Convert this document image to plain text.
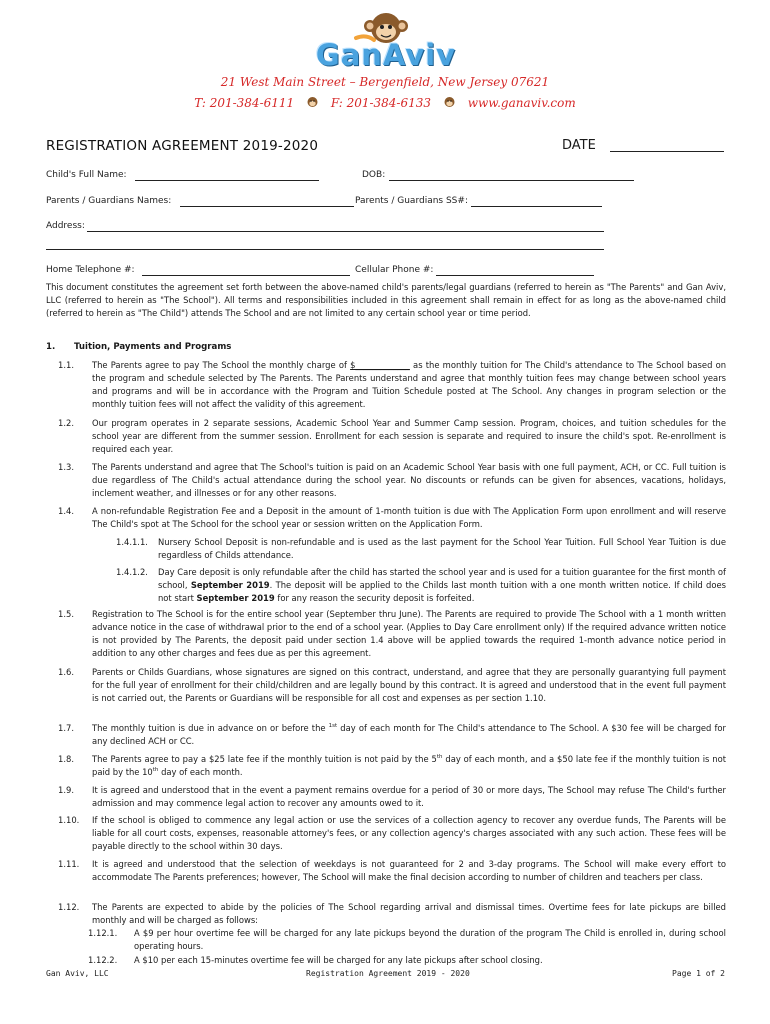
GanAviv
21 West Main Street – Bergenfield, New Jersey 07621
T: 201-384-6111	F: 201-384-6133	www.ganaviv.com
REGISTRATION AGREEMENT 2019-2020	DATE
Child's Full Name:	DOB:
Parents / Guardians Names:	Parents / Guardians SS#:
Address:
Home Telephone #:	Cellular Phone #:
This document constitutes the agreement set forth between the above-named child's parents/legal guardians (referred to herein as "The Parents" and Gan Aviv, LLC (referred to herein as "The School"). All terms and responsibilities included in this agreement shall remain in effect for as long as the above-named child (referred to herein as "The Child") attends The School and are not limited to any certain school year or time period.
1. Tuition, Payments and Programs
1.1. The Parents agree to pay The School the monthly charge of $_____________ as the monthly tuition for The Child's attendance to The School based on the program and schedule selected by The Parents. The Parents understand and agree that monthly tuition fees may change between school years and programs and will be in accordance with the Program and Tuition Schedule posted at The School. Any changes in program selection or the monthly tuition fees will not affect the validity of this agreement.
1.2. Our program operates in 2 separate sessions, Academic School Year and Summer Camp session. Program, choices, and tuition schedules for the school year are different from the summer session. Enrollment for each session is separate and required to insure the child's spot. Re-enrollment is required each year.
1.3. The Parents understand and agree that The School's tuition is paid on an Academic School Year basis with one full payment, ACH, or CC. Full tuition is due regardless of The Child's actual attendance during the school year. No discounts or refunds can be given for absences, vacations, holidays, inclement weather, and illnesses or for any other reasons.
1.4. A non-refundable Registration Fee and a Deposit in the amount of 1-month tuition is due with The Application Form upon enrollment and will reserve The Child's spot at The School for the school year or session written on the Application Form.
1.4.1.1. Nursery School Deposit is non-refundable and is used as the last payment for the School Year Tuition. Full School Year Tuition is due regardless of Childs attendance.
1.4.1.2. Day Care deposit is only refundable after the child has started the school year and is used for a tuition guarantee for the first month of school, September 2019. The deposit will be applied to the Childs last month tuition with a one month written notice. If child does not start September 2019 for any reason the security deposit is forfeited.
1.5. Registration to The School is for the entire school year (September thru June). The Parents are required to provide The School with a 1 month written advance notice in the case of withdrawal prior to the end of a school year. (Applies to Day Care enrollment only) If the required advance written notice is not provided by The Parents, the deposit paid under section 1.4 above will be applied towards the required 1-month advance notice period in addition to any other charges and fees due as per this agreement.
1.6. Parents or Childs Guardians, whose signatures are signed on this contract, understand, and agree that they are personally guarantying full payment for the full year of enrollment for their child/children and are legally bound by this contract. It is agreed and understood that in the event full payment is not carried out, the Parents or Guardians will be responsible for all cost and expenses as per section 1.10.
1.7. The monthly tuition is due in advance on or before the $^{1st}$ day of each month for The Child's attendance to The School. A $30 fee will be charged for any declined ACH or CC.
1.8. The Parents agree to pay a $25 late fee if the monthly tuition is not paid by the 5th day of each month, and a $50 late fee if the monthly tuition is not paid by the 10th day of each month.
1.9. It is agreed and understood that in the event a payment remains overdue for a period of 30 or more days, The School may refuse The Child's further admission and may commence legal action to recover any amounts owed to it.
1.10. If the school is obliged to commence any legal action or use the services of a collection agency to recover any overdue funds, The Parents will be liable for all court costs, expenses, reasonable attorney's fees, or any collection agency's charges associated with any such action. These fees will be payable directly to the school within 30 days.
1.11. It is agreed and understood that the selection of weekdays is not guaranteed for 2 and 3-day programs. The School will make every effort to accommodate The Parents preferences; however, The School will make the final decision according to number of children and teachers per class.
1.12. The Parents are expected to abide by the policies of The School regarding arrival and dismissal times. Overtime fees for late pickups are billed monthly and will be charged as follows:
1.12.1. A $9 per hour overtime fee will be charged for any late pickups beyond the duration of the program The Child is enrolled in, during school operating hours.
1.12.2. A $10 per each 15-minutes overtime fee will be charged for any late pickups after school closing.
Gan Aviv, LLC	Registration Agreement 2019 - 2020	Page 1 of 2
